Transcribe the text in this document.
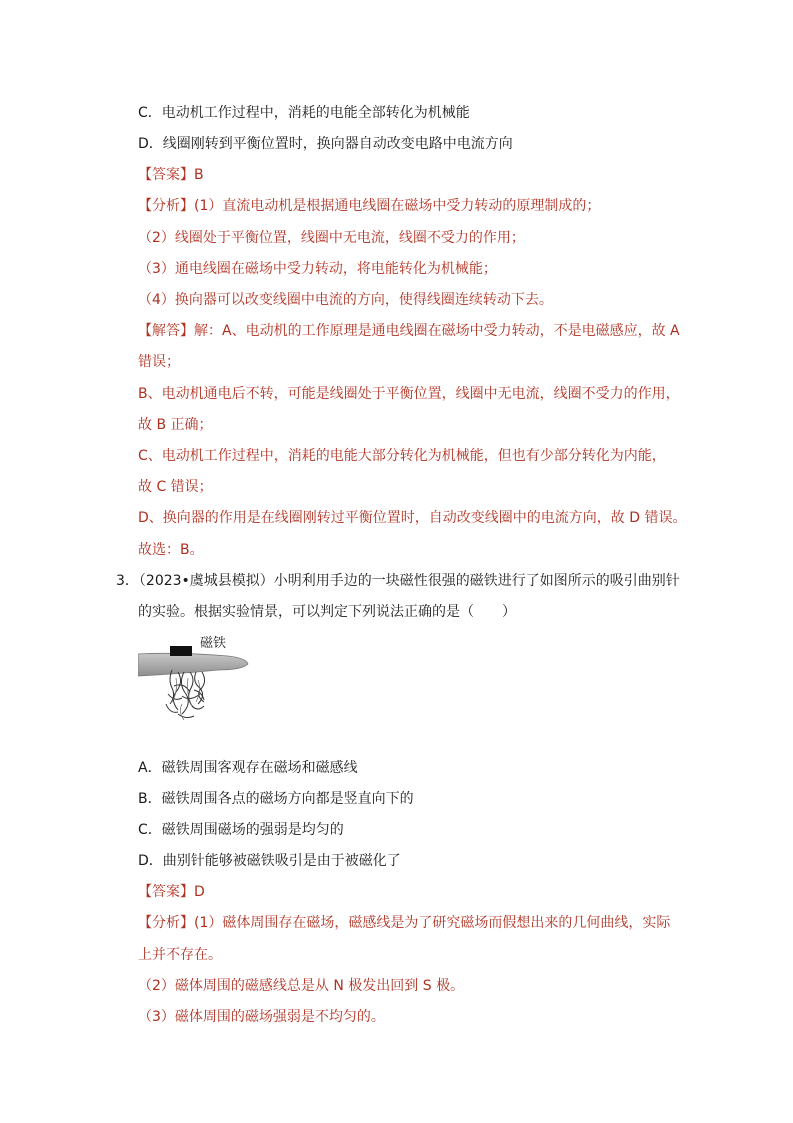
C．电动机工作过程中，消耗的电能全部转化为机械能
D．线圈刚转到平衡位置时，换向器自动改变电路中电流方向
【答案】B
【分析】(1）直流电动机是根据通电线圈在磁场中受力转动的原理制成的；
（2）线圈处于平衡位置，线圈中无电流，线圈不受力的作用；
（3）通电线圈在磁场中受力转动，将电能转化为机械能；
（4）换向器可以改变线圈中电流的方向，使得线圈连续转动下去。
【解答】解：A、电动机的工作原理是通电线圈在磁场中受力转动，不是电磁感应，故 A
错误；
B、电动机通电后不转，可能是线圈处于平衡位置，线圈中无电流，线圈不受力的作用，
故 B 正确；
C、电动机工作过程中，消耗的电能大部分转化为机械能，但也有少部分转化为内能，
故 C 错误；
D、换向器的作用是在线圈刚转过平衡位置时，自动改变线圈中的电流方向，故 D 错误。
故选：B。
3．（2023•虞城县模拟）小明利用手边的一块磁性很强的磁铁进行了如图所示的吸引曲别针
的实验。根据实验情景，可以判定下列说法正确的是（　　）
磁铁
A．磁铁周围客观存在磁场和磁感线
B．磁铁周围各点的磁场方向都是竖直向下的
C．磁铁周围磁场的强弱是均匀的
D．曲别针能够被磁铁吸引是由于被磁化了
【答案】D
【分析】(1）磁体周围存在磁场，磁感线是为了研究磁场而假想出来的几何曲线，实际
上并不存在。
（2）磁体周围的磁感线总是从 N 极发出回到 S 极。
（3）磁体周围的磁场强弱是不均匀的。
